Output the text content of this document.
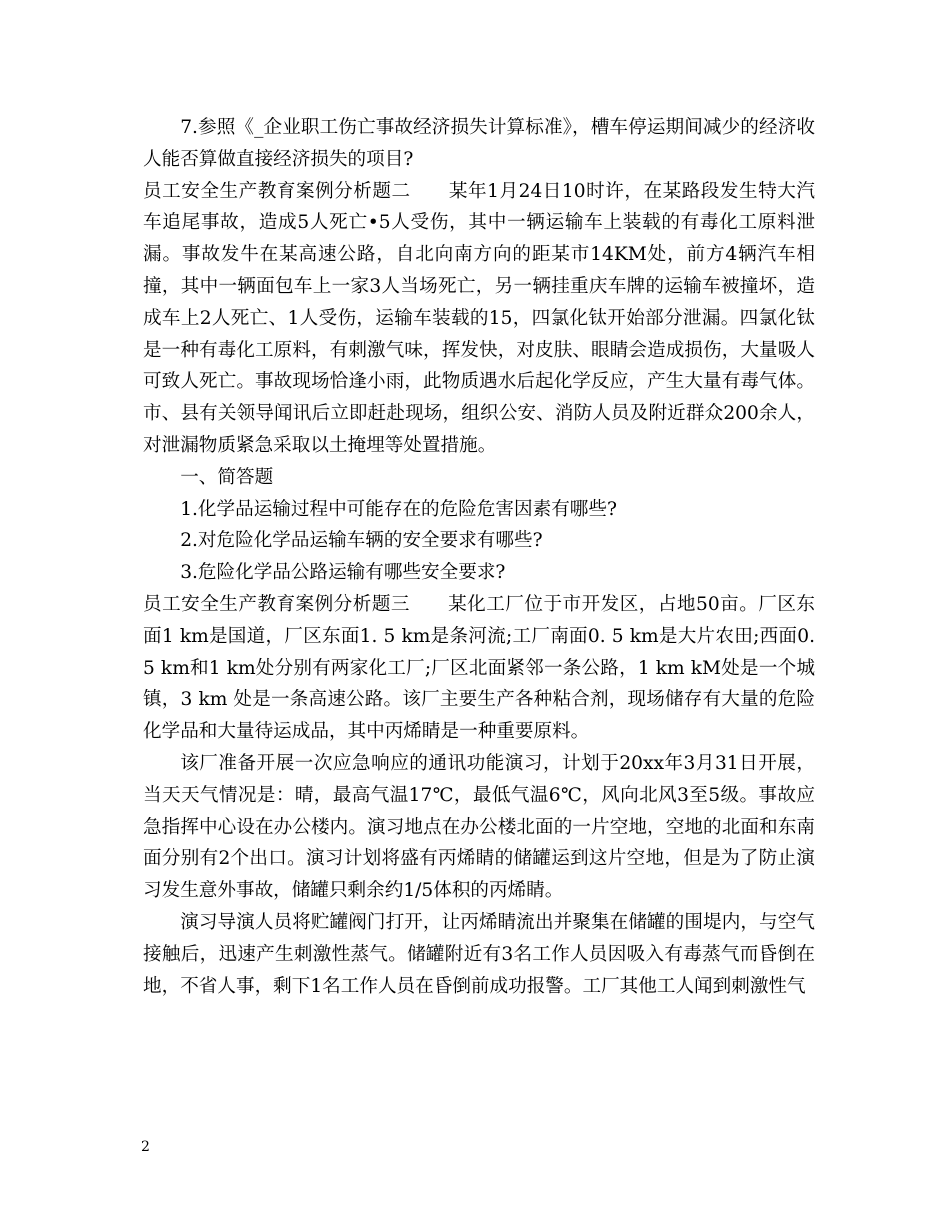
7.参照《_企业职工伤亡事故经济损失计算标准》，槽车停运期间减少的经济收人能否算做直接经济损失的项目?

员工安全生产教育案例分析题二　　某年1月24日10时许，在某路段发生特大汽车追尾事故，造成5人死亡•5人受伤，其中一辆运输车上装载的有毒化工原料泄漏。事故发牛在某高速公路，自北向南方向的距某市14KM处，前方4辆汽车相撞，其中一辆面包车上一家3人当场死亡，另一辆挂重庆车牌的运输车被撞坏，造成车上2人死亡、1人受伤，运输车装载的15，四氯化钛开始部分泄漏。四氯化钛是一种有毒化工原料，有刺激气味，挥发快，对皮肤、眼睛会造成损伤，大量吸人可致人死亡。事故现场恰逢小雨，此物质遇水后起化学反应，产生大量有毒气体。市、县有关领导闻讯后立即赶赴现场，组织公安、消防人员及附近群众200余人，对泄漏物质紧急采取以土掩埋等处置措施。

一、简答题

1.化学品运输过程中可能存在的危险危害因素有哪些?

2.对危险化学品运输车辆的安全要求有哪些?

3.危险化学品公路运输有哪些安全要求?

员工安全生产教育案例分析题三　　某化工厂位于市开发区，占地50亩。厂区东面1 km是国道，厂区东面1. 5 km是条河流;工厂南面0. 5 km是大片农田;西面0. 5 km和1 km处分别有两家化工厂;厂区北面紧邻一条公路，1 km kM处是一个城镇，3 km 处是一条高速公路。该厂主要生产各种粘合剂，现场储存有大量的危险化学品和大量待运成品，其中丙烯睛是一种重要原料。

该厂准备开展一次应急响应的通讯功能演习，计划于20xx年3月31日开展，当天天气情况是：晴，最高气温17℃，最低气温6℃，风向北风3至5级。事故应急指挥中心设在办公楼内。演习地点在办公楼北面的一片空地，空地的北面和东南面分别有2个出口。演习计划将盛有丙烯睛的储罐运到这片空地，但是为了防止演习发生意外事故，储罐只剩余约1/5体积的丙烯睛。

演习导演人员将贮罐阀门打开，让丙烯睛流出并聚集在储罐的围堤内，与空气接触后，迅速产生刺激性蒸气。储罐附近有3名工作人员因吸入有毒蒸气而昏倒在地，不省人事，剩下1名工作人员在昏倒前成功报警。工厂其他工人闻到刺激性气

2
